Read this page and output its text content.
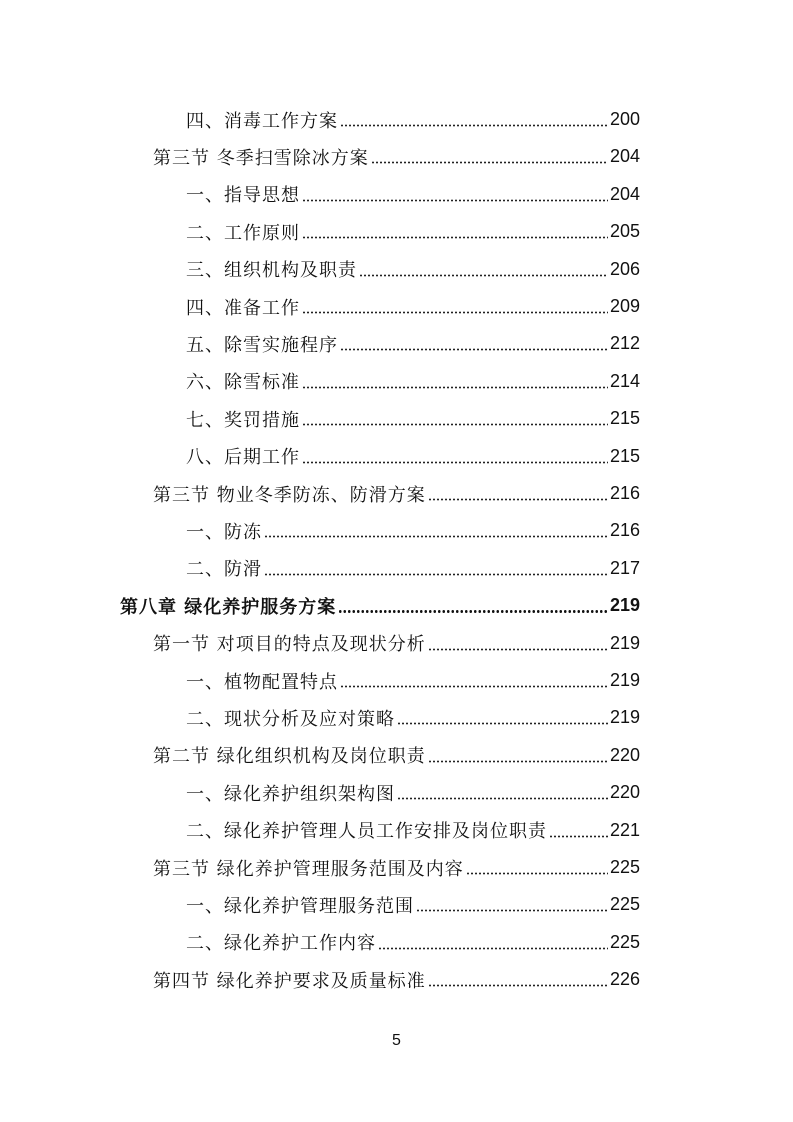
四、消毒工作方案	200
第三节 冬季扫雪除冰方案	204
一、指导思想	204
二、工作原则	205
三、组织机构及职责	206
四、准备工作	209
五、除雪实施程序	212
六、除雪标准	214
七、奖罚措施	215
八、后期工作	215
第三节 物业冬季防冻、防滑方案	216
一、防冻	216
二、防滑	217
第八章 绿化养护服务方案	219
第一节 对项目的特点及现状分析	219
一、植物配置特点	219
二、现状分析及应对策略	219
第二节 绿化组织机构及岗位职责	220
一、绿化养护组织架构图	220
二、绿化养护管理人员工作安排及岗位职责	221
第三节 绿化养护管理服务范围及内容	225
一、绿化养护管理服务范围	225
二、绿化养护工作内容	225
第四节 绿化养护要求及质量标准	226
5
